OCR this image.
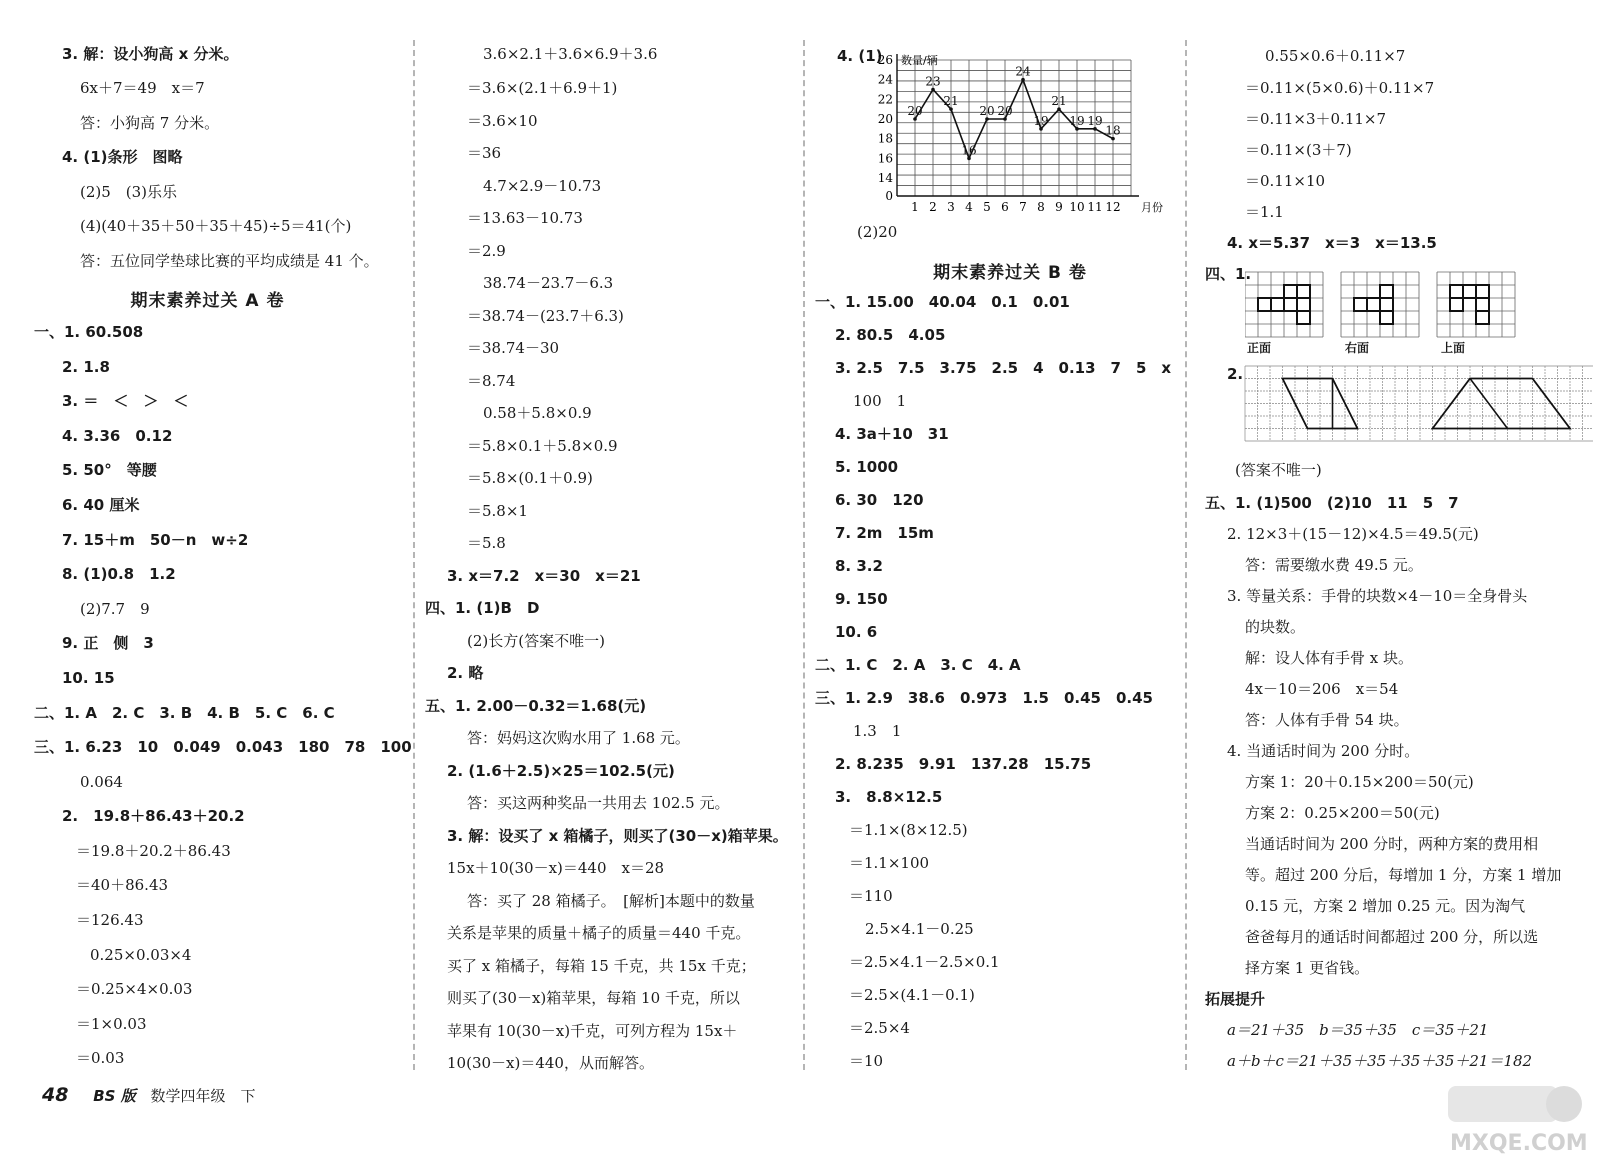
3. 解：设小狗高 x 分米。
6x＋7＝49　x＝7
答：小狗高 7 分米。
4. (1)条形　图略
(2)5　(3)乐乐
(4)(40＋35＋50＋35＋45)÷5＝41(个)
答：五位同学垫球比赛的平均成绩是 41 个。
期末素养过关 A 卷
一、1. 60.508
2. 1.8
3. ＝　＜　＞　＜
4. 3.36　0.12
5. 50°　等腰
6. 40 厘米
7. 15＋m　50－n　w÷2
8. (1)0.8　1.2
(2)7.7　9
9. 正　侧　3
10. 15
二、1. A　2. C　3. B　4. B　5. C　6. C
三、1. 6.23　10　0.049　0.043　180　78　100
0.064
2.　19.8＋86.43＋20.2
＝19.8＋20.2＋86.43
＝40＋86.43
＝126.43
0.25×0.03×4
＝0.25×4×0.03
＝1×0.03
＝0.03
3.6×2.1＋3.6×6.9＋3.6
＝3.6×(2.1＋6.9＋1)
＝3.6×10
＝36
4.7×2.9－10.73
＝13.63－10.73
＝2.9
38.74－23.7－6.3
＝38.74－(23.7＋6.3)
＝38.74－30
＝8.74
0.58＋5.8×0.9
＝5.8×0.1＋5.8×0.9
＝5.8×(0.1＋0.9)
＝5.8×1
＝5.8
3. x＝7.2　x＝30　x＝21
四、1. (1)B　D
(2)长方(答案不唯一)
2. 略
五、1. 2.00－0.32＝1.68(元)
答：妈妈这次购水用了 1.68 元。
2. (1.6＋2.5)×25＝102.5(元)
答：买这两种奖品一共用去 102.5 元。
3. 解：设买了 x 箱橘子，则买了(30－x)箱苹果。
15x＋10(30－x)＝440　x＝28
答：买了 28 箱橘子。　[解析]本题中的数量
关系是苹果的质量＋橘子的质量＝440 千克。
买了 x 箱橘子，每箱 15 千克，共 15x 千克；
则买了(30－x)箱苹果，每箱 10 千克，所以
苹果有 10(30－x)千克，可列方程为 15x＋
10(30－x)＝440，从而解答。
4. (1)
0
14
16
18
20
22
24
26
1 2 3 4 5 6 7 8 9 10 11 12 月份
数量/辆
20
23
21
16
20 20
24
19
21
19 19
18
(2)20
期末素养过关 B 卷
一、1. 15.00　40.04　0.1　0.01
2. 80.5　4.05
3. 2.5　7.5　3.75　2.5　4　0.13　7　5　x
100　1
4. 3a＋10　31
5. 1000
6. 30　120
7. 2m　15m
8. 3.2
9. 150
10. 6
二、1. C　2. A　3. C　4. A
三、1. 2.9　38.6　0.973　1.5　0.45　0.45
1.3　1
2. 8.235　9.91　137.28　15.75
3.　8.8×12.5
＝1.1×(8×12.5)
＝1.1×100
＝110
2.5×4.1－0.25
＝2.5×4.1－2.5×0.1
＝2.5×(4.1－0.1)
＝2.5×4
＝10
0.55×0.6＋0.11×7
＝0.11×(5×0.6)＋0.11×7
＝0.11×3＋0.11×7
＝0.11×(3＋7)
＝0.11×10
＝1.1
4. x＝5.37　x＝3　x＝13.5
四、1.
正面	右面	上面
2.
(答案不唯一)
五、1. (1)500　(2)10　11　5　7
2. 12×3＋(15－12)×4.5＝49.5(元)
答：需要缴水费 49.5 元。
3. 等量关系：手骨的块数×4－10＝全身骨头
的块数。
解：设人体有手骨 x 块。
4x－10＝206　x＝54
答：人体有手骨 54 块。
4. 当通话时间为 200 分时。
方案 1：20＋0.15×200＝50(元)
方案 2：0.25×200＝50(元)
当通话时间为 200 分时，两种方案的费用相
等。超过 200 分后，每增加 1 分，方案 1 增加
0.15 元，方案 2 增加 0.25 元。因为淘气
爸爸每月的通话时间都超过 200 分，所以选
择方案 1 更省钱。
拓展提升
a＝21＋35　b＝35＋35　c＝35＋21
a＋b＋c＝21＋35＋35＋35＋35＋21＝182
48 BS 版 数学四年级　下
MXQE.COM
